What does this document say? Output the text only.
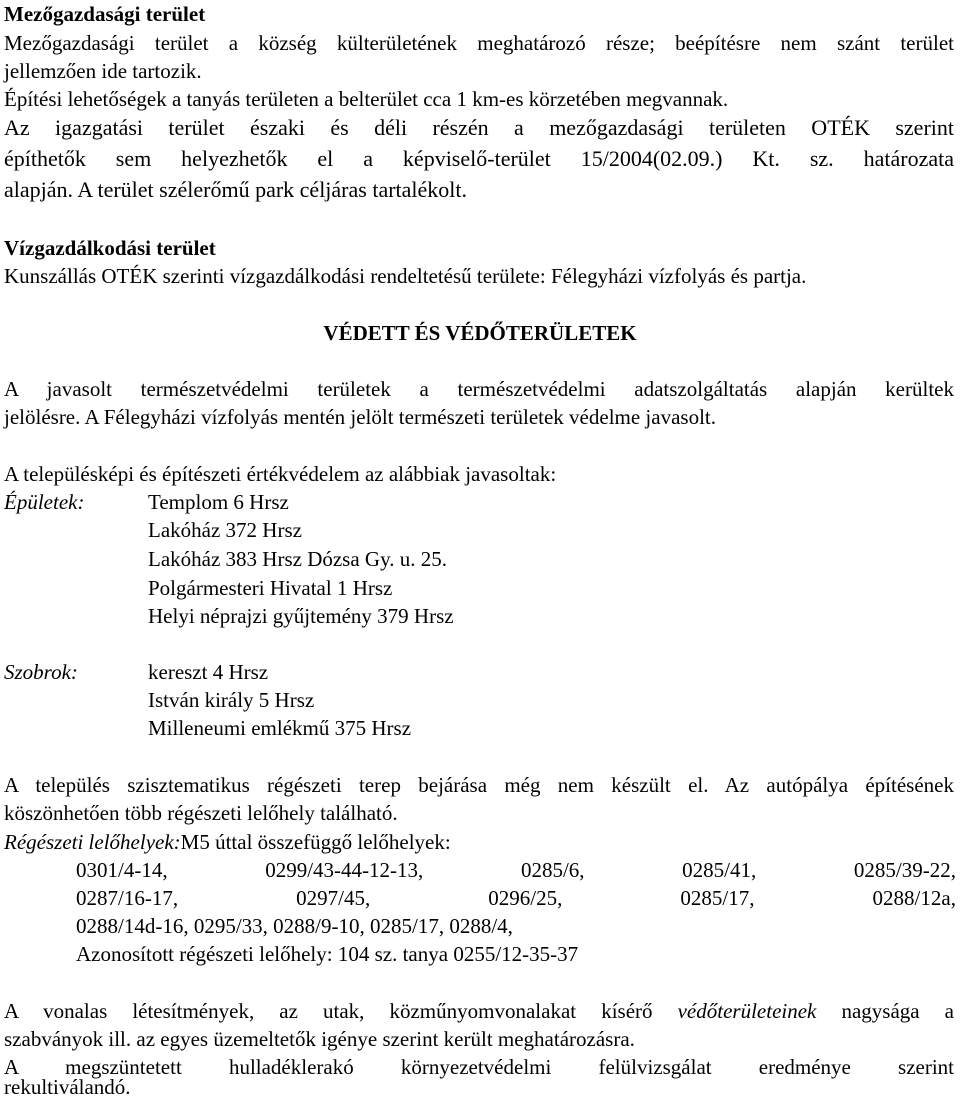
Mezőgazdasági terület
Mezőgazdasági terület a község külterületének meghatározó része; beépítésre nem szánt terület
jellemzően ide tartozik.
Építési lehetőségek a tanyás területen a belterület cca 1 km-es körzetében megvannak.
Az igazgatási terület északi és déli részén a mezőgazdasági területen OTÉK szerint
építhetők sem helyezhetők el a képviselő-terület 15/2004(02.09.) Kt. sz. határozata
alapján. A terület szélerőmű park céljáras tartalékolt.
Vízgazdálkodási terület
Kunszállás OTÉK szerinti vízgazdálkodási rendeltetésű területe: Félegyházi vízfolyás és partja.
VÉDETT ÉS VÉDŐTERÜLETEK
A javasolt természetvédelmi területek a természetvédelmi adatszolgáltatás alapján kerültek
jelölésre. A Félegyházi vízfolyás mentén jelölt természeti területek védelme javasolt.
A településképi és építészeti értékvédelem az alábbiak javasoltak:
Épületek:	Templom 6 Hrsz
Lakóház 372 Hrsz
Lakóház 383 Hrsz Dózsa Gy. u. 25.
Polgármesteri Hivatal 1 Hrsz
Helyi néprajzi gyűjtemény 379 Hrsz
Szobrok:	kereszt 4 Hrsz
István király 5 Hrsz
Milleneumi emlékmű 375 Hrsz
A település szisztematikus régészeti terep bejárása még nem készült el. Az autópálya építésének
köszönhetően több régészeti lelőhely található.
Régészeti lelőhelyek:M5 úttal összefüggő lelőhelyek:
0301/4-14,	0299/43-44-12-13,	0285/6,	0285/41,	0285/39-22,
0287/16-17,	0297/45,	0296/25,	0285/17,	0288/12a,
0288/14d-16, 0295/33, 0288/9-10, 0285/17, 0288/4,
Azonosított régészeti lelőhely: 104 sz. tanya 0255/12-35-37
A vonalas létesítmények, az utak, közműnyomvonalakat kísérő védőterületeinek nagysága a
szabványok ill. az egyes üzemeltetők igénye szerint került meghatározásra.
A megszüntetett hulladéklerakó környezetvédelmi felülvizsgálat eredménye szerint
rekultiválandó.
